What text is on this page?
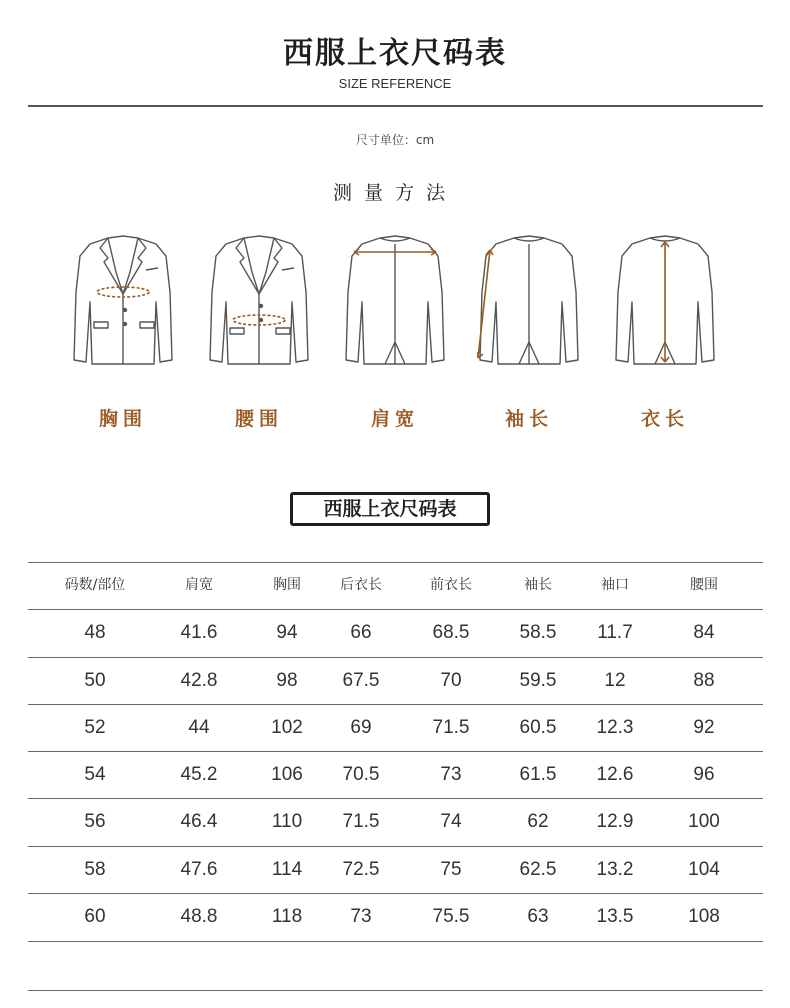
西服上衣尺码表
SIZE REFERENCE
尺寸单位：cm
测量方法
胸围	腰围	肩宽	袖长	衣长
西服上衣尺码表
码数/部位	肩宽	胸围	后衣长	前衣长	袖长	袖口	腰围
48	41.6	94	66	68.5	58.5	11.7	84
50	42.8	98	67.5	70	59.5	12	88
52	44	102	69	71.5	60.5	12.3	92
54	45.2	106	70.5	73	61.5	12.6	96
56	46.4	110	71.5	74	62	12.9	100
58	47.6	114	72.5	75	62.5	13.2	104
60	48.8	118	73	75.5	63	13.5	108
